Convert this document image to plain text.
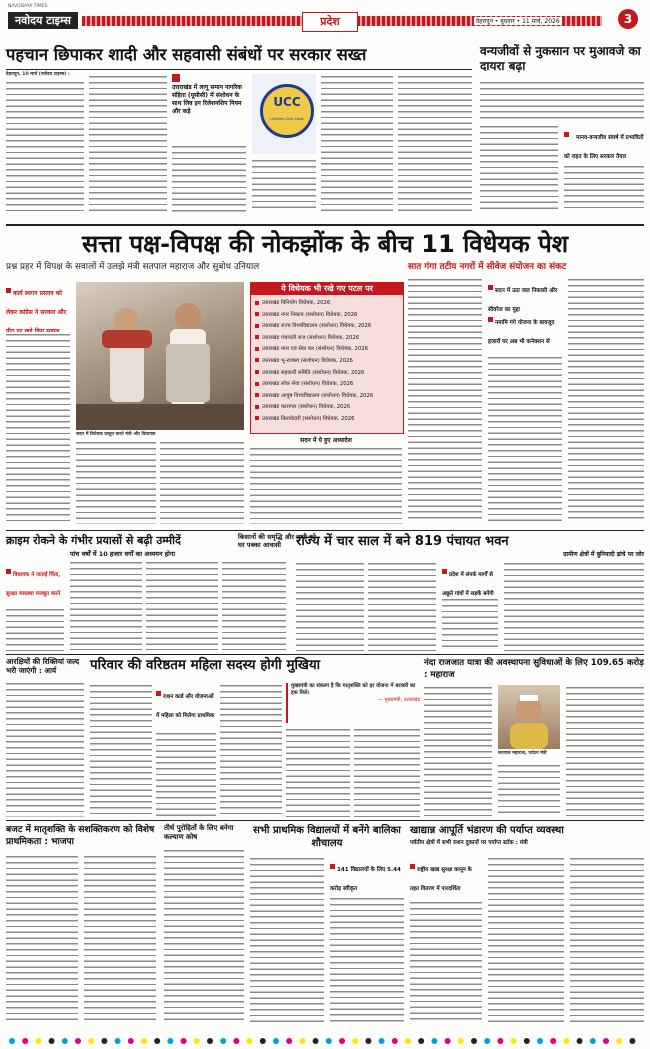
NAVODAYA TIMES
नवोदय टाइम्स	प्रदेश	देहरादून • बुधवार • 11 मार्च, 2026	3
पहचान छिपाकर शादी और सहवासी संबंधों पर सरकार सख्त
देहरादून, 10 मार्च (नवोदय टाइम्स) :
उत्तराखंड में लागू समान नागरिक संहिता (यूसीसी) में संशोधन के साथ लिव इन रिलेशनशिप नियम और कड़े
UCC
Uniform Civil Code
वन्यजीवों से नुकसान पर मुआवजे का दायरा बढ़ा
मानव-वन्यजीव संघर्ष में प्रभावितों को राहत के लिए सरकार तैयार
सत्ता पक्ष-विपक्ष की नोकझोंक के बीच 11 विधेयक पेश
प्रश्न प्रहर में विपक्ष के सवालों में उलझे मंत्री सतपाल महाराज और सुबोध उनियाल
कार्य स्थगन प्रस्ताव को लेकर कांग्रेस ने सरकार और
सदन में विधेयक प्रस्तुत करते मंत्री और विधायक
ये विधेयक भी रखे गए पटल पर
उत्तराखंड विनियोग विधेयक, 2026
उत्तराखंड नगर निकाय (संशोधन) विधेयक, 2026
उत्तराखंड राज्य विश्वविद्यालय (संशोधन) विधेयक, 2026
उत्तराखंड पंचायती राज (संशोधन) विधेयक, 2026
उत्तराखंड माल एवं सेवा कर (संशोधन) विधेयक, 2026
उत्तराखंड भू-राजस्व (संशोधन) विधेयक, 2026
उत्तराखंड सहकारी समिति (संशोधन) विधेयक, 2026
उत्तराखंड लोक सेवा (संशोधन) विधेयक, 2026
उत्तराखंड आयुष विश्वविद्यालय (संशोधन) विधेयक, 2026
उत्तराखंड कारागार (संशोधन) विधेयक, 2026
उत्तराखंड किरायेदारी (संशोधन) विधेयक, 2026
सदन में ये हुए अध्यादेश
सात गंगा तटीय नगरों में सीवेज संयोजन का संकट
सदन में उठा जल निकासी और सीवरेज का मुद्दा
नमामि गंगे योजना के बावजूद हजारों घर अब भी कनेक्शन से
क्राइम रोकने के गंभीर प्रयासों से बढ़ी उम्मीदें
पांच वर्षों में 10 हजार वर्गों का अध्ययन होगा
विधायक ने जताई चिंता, सुरक्षा व्यवस्था मजबूत करने
किसानों की समृद्धि और सभी को घर पक्का आवासी	राज्य में चार साल में बने 819 पंचायत भवन
ग्रामीण क्षेत्रों में बुनियादी ढांचे पर जोर
प्रदेश में संपर्क मार्गों से अछूते गांवों में सड़कें बनेंगी
आरक्षियों की रिक्तियां जल्द भरी जाएंगी : आर्य	परिवार की वरिष्ठतम महिला सदस्य होगी मुखिया
राशन कार्ड और योजनाओं में महिला को मिलेगा प्राथमिक
मुख्यमंत्री का संकल्प है कि मातृशक्ति को हर योजना में बराबरी का हक मिले।
— मुख्यमंत्री, उत्तराखंड
नंदा राजजात यात्रा की अवस्थापना सुविधाओं के लिए 109.65 करोड़ : महाराज
सतपाल महाराज, पर्यटन मंत्री
बजट में मातृशक्ति के सशक्तिकरण को विशेष प्राथमिकता : भाजपा
तीर्थ पुरोहितों के लिए बनेगा कल्याण कोष
सभी प्राथमिक विद्यालयों में बनेंगे बालिका शौचालय
141 विद्यालयों के लिए 5.44 करोड़ स्वीकृत
खाद्यान्न आपूर्ति भंडारण की पर्याप्त व्यवस्था
पर्वतीय क्षेत्रों में सभी राशन दुकानों पर पर्याप्त स्टॉक : मंत्री
राष्ट्रीय खाद्य सुरक्षा कानून के तहत वितरण में पारदर्शिता
